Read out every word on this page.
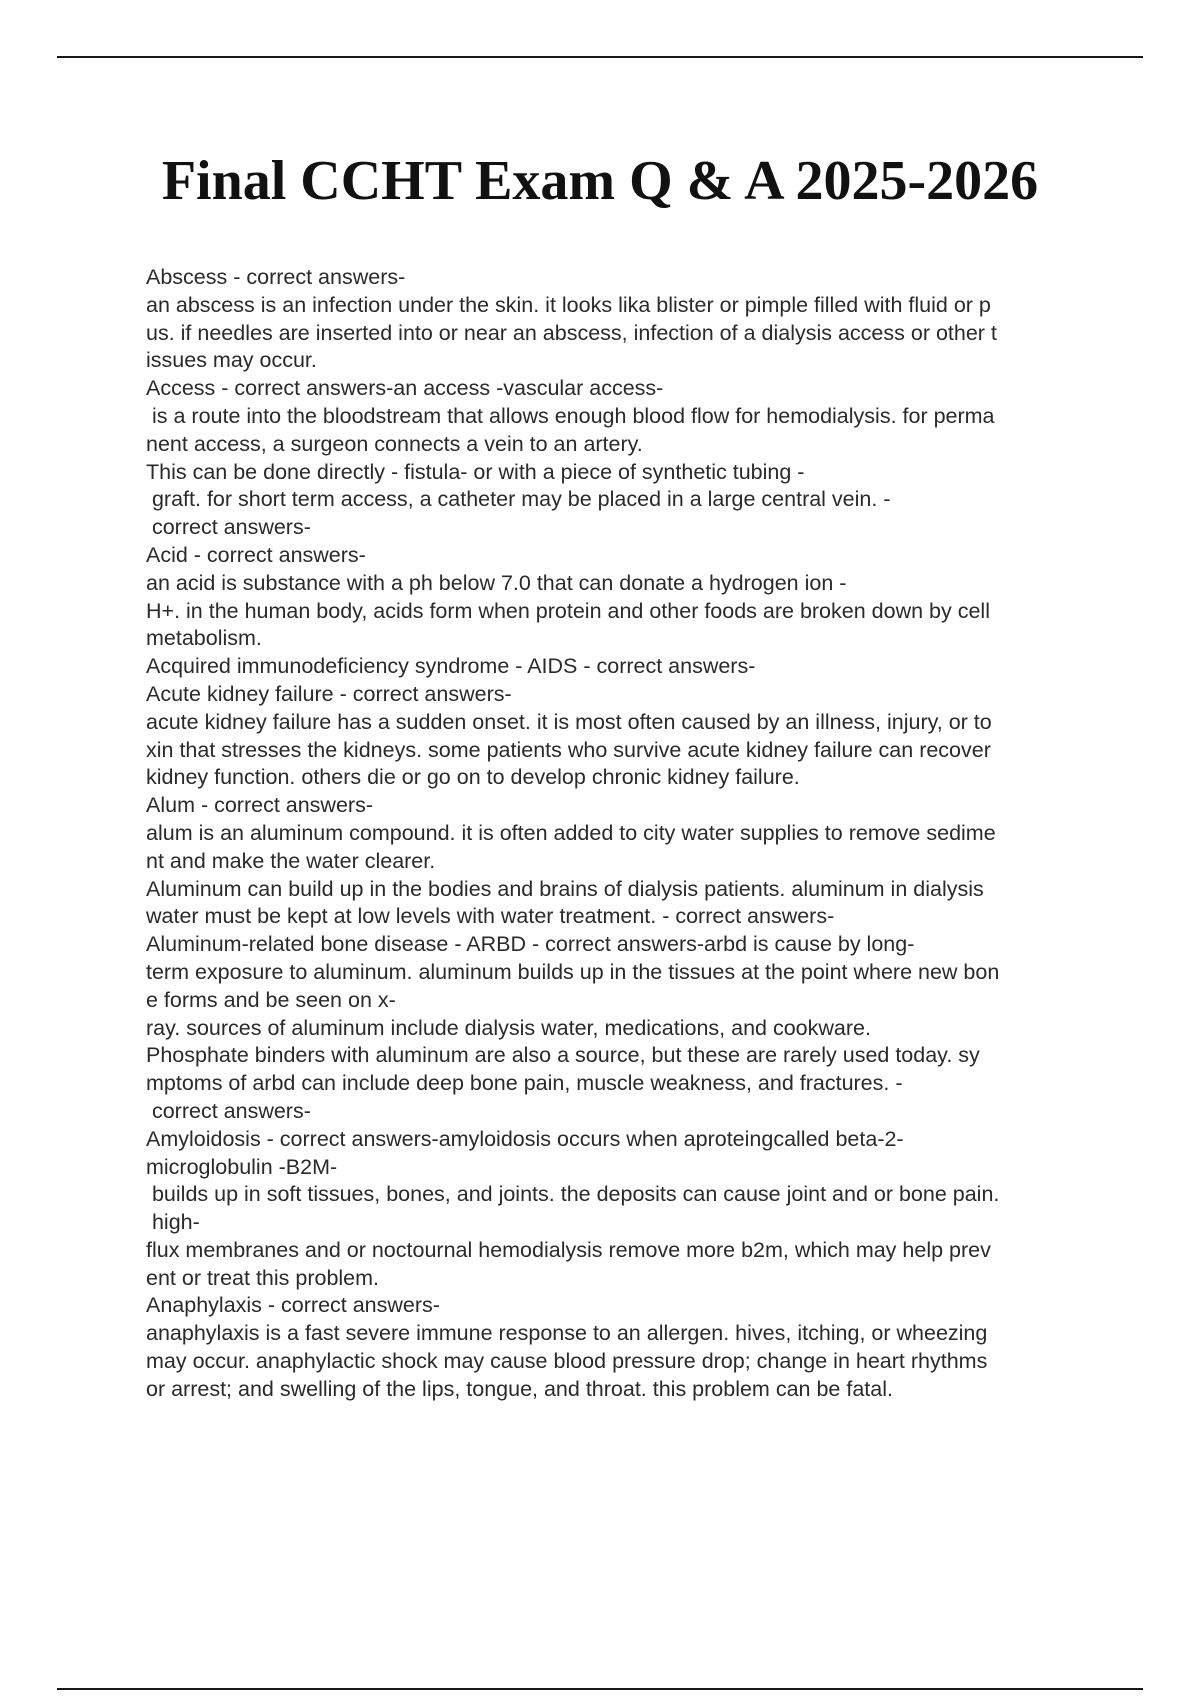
Final CCHT Exam Q & A 2025-2026
Abscess - correct answers-
an abscess is an infection under the skin. it looks lika blister or pimple filled with fluid or p
us. if needles are inserted into or near an abscess, infection of a dialysis access or other t
issues may occur.
Access - correct answers-an access -vascular access-
is a route into the bloodstream that allows enough blood flow for hemodialysis. for perma
nent access, a surgeon connects a vein to an artery.
This can be done directly - fistula- or with a piece of synthetic tubing -
graft. for short term access, a catheter may be placed in a large central vein. -
correct answers-
Acid - correct answers-
an acid is substance with a ph below 7.0 that can donate a hydrogen ion -
H+. in the human body, acids form when protein and other foods are broken down by cell
metabolism.
Acquired immunodeficiency syndrome - AIDS - correct answers-
Acute kidney failure - correct answers-
acute kidney failure has a sudden onset. it is most often caused by an illness, injury, or to
xin that stresses the kidneys. some patients who survive acute kidney failure can recover
kidney function. others die or go on to develop chronic kidney failure.
Alum - correct answers-
alum is an aluminum compound. it is often added to city water supplies to remove sedime
nt and make the water clearer.
Aluminum can build up in the bodies and brains of dialysis patients. aluminum in dialysis
water must be kept at low levels with water treatment. - correct answers-
Aluminum-related bone disease - ARBD - correct answers-arbd is cause by long-
term exposure to aluminum. aluminum builds up in the tissues at the point where new bon
e forms and be seen on x-
ray. sources of aluminum include dialysis water, medications, and cookware.
Phosphate binders with aluminum are also a source, but these are rarely used today. sy
mptoms of arbd can include deep bone pain, muscle weakness, and fractures. -
correct answers-
Amyloidosis - correct answers-amyloidosis occurs when aproteingcalled beta-2-
microglobulin -B2M-
builds up in soft tissues, bones, and joints. the deposits can cause joint and or bone pain.
high-
flux membranes and or noctournal hemodialysis remove more b2m, which may help prev
ent or treat this problem.
Anaphylaxis - correct answers-
anaphylaxis is a fast severe immune response to an allergen. hives, itching, or wheezing
may occur. anaphylactic shock may cause blood pressure drop; change in heart rhythms
or arrest; and swelling of the lips, tongue, and throat. this problem can be fatal.
